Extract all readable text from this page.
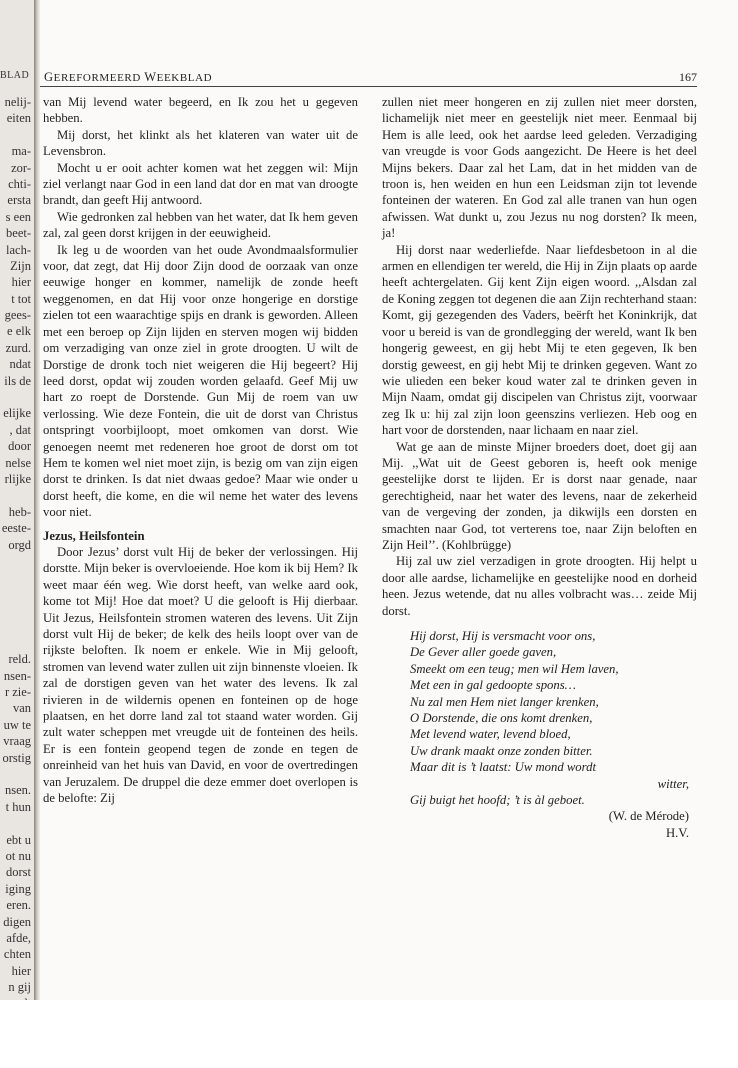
BLAD
nelij-
eiten
ma-
zor-
chti-
ersta
s een
beet-
lach-
Zijn
hier
t tot
gees-
e elk
zurd.
ndat
ils de
elijke
, dat
door
nelse
rlijke
heb-
eeste-
orgd
reld.
nsen-
r zie-
van
uw te
vraag
orstig
nsen.
t hun
ebt u
ot nu
dorst
iging
eren.
digen
afde,
chten
hier
n gij
GEREFORMEERD WEEKBLAD	167

van Mij levend water begeerd, en Ik zou het u gegeven hebben.

Mij dorst, het klinkt als het klateren van water uit de Levensbron.

Mocht u er ooit achter komen wat het zeggen wil: Mijn ziel verlangt naar God in een land dat dor en mat van droogte brandt, dan geeft Hij antwoord.

Wie gedronken zal hebben van het water, dat Ik hem geven zal, zal geen dorst krijgen in der eeuwigheid.

Ik leg u de woorden van het oude Avondmaalsformulier voor, dat zegt, dat Hij door Zijn dood de oorzaak van onze eeuwige honger en kommer, namelijk de zonde heeft weggenomen, en dat Hij voor onze hongerige en dorstige zielen tot een waarachtige spijs en drank is geworden. Alleen met een beroep op Zijn lijden en sterven mogen wij bidden om verzadiging van onze ziel in grote droogten. U wilt de Dorstige de dronk toch niet weigeren die Hij begeert? Hij leed dorst, opdat wij zouden worden gelaafd. Geef Mij uw hart zo roept de Dorstende. Gun Mij de roem van uw verlossing. Wie deze Fontein, die uit de dorst van Christus ontspringt voorbijloopt, moet omkomen van dorst. Wie genoegen neemt met redeneren hoe groot de dorst om tot Hem te komen wel niet moet zijn, is bezig om van zijn eigen dorst te drinken. Is dat niet dwaas gedoe? Maar wie onder u dorst heeft, die kome, en die wil neme het water des levens voor niet.

Jezus, Heilsfontein

Door Jezus’ dorst vult Hij de beker der verlossingen. Hij dorstte. Mijn beker is overvloeiende. Hoe kom ik bij Hem? Ik weet maar één weg. Wie dorst heeft, van welke aard ook, kome tot Mij! Hoe dat moet? U die gelooft is Hij dierbaar. Uit Jezus, Heilsfontein stromen wateren des levens. Uit Zijn dorst vult Hij de beker; de kelk des heils loopt over van de rijkste beloften. Ik noem er enkele. Wie in Mij gelooft, stromen van levend water zullen uit zijn binnenste vloeien. Ik zal de dorstigen geven van het water des levens. Ik zal rivieren in de wildernis openen en fonteinen op de hoge plaatsen, en het dorre land zal tot staand water worden. Gij zult water scheppen met vreugde uit de fonteinen des heils. Er is een fontein geopend tegen de zonde en tegen de onreinheid van het huis van David, en voor de overtredingen van Jeruzalem. De druppel die deze emmer doet overlopen is de belofte: Zij

zullen niet meer hongeren en zij zullen niet meer dorsten, lichamelijk niet meer en geestelijk niet meer. Eenmaal bij Hem is alle leed, ook het aardse leed geleden. Verzadiging van vreugde is voor Gods aangezicht. De Heere is het deel Mijns bekers. Daar zal het Lam, dat in het midden van de troon is, hen weiden en hun een Leidsman zijn tot levende fonteinen der wateren. En God zal alle tranen van hun ogen afwissen. Wat dunkt u, zou Jezus nu nog dorsten? Ik meen, ja!

Hij dorst naar wederliefde. Naar liefdesbetoon in al die armen en ellendigen ter wereld, die Hij in Zijn plaats op aarde heeft achtergelaten. Gij kent Zijn eigen woord. ,,Alsdan zal de Koning zeggen tot degenen die aan Zijn rechterhand staan: Komt, gij gezegenden des Vaders, beërft het Koninkrijk, dat voor u bereid is van de grondlegging der wereld, want Ik ben hongerig geweest, en gij hebt Mij te eten gegeven, Ik ben dorstig geweest, en gij hebt Mij te drinken gegeven. Want zo wie ulieden een beker koud water zal te drinken geven in Mijn Naam, omdat gij discipelen van Christus zijt, voorwaar zeg Ik u: hij zal zijn loon geenszins verliezen. Heb oog en hart voor de dorstenden, naar lichaam en naar ziel.

Wat ge aan de minste Mijner broeders doet, doet gij aan Mij. ,,Wat uit de Geest geboren is, heeft ook menige geestelijke dorst te lijden. Er is dorst naar genade, naar gerechtigheid, naar het water des levens, naar de zekerheid van de vergeving der zonden, ja dikwijls een dorsten en smachten naar God, tot verterens toe, naar Zijn beloften en Zijn Heil’’. (Kohlbrügge)

Hij zal uw ziel verzadigen in grote droogten. Hij helpt u door alle aardse, lichamelijke en geestelijke nood en dorheid heen. Jezus wetende, dat nu alles volbracht was… zeide Mij dorst.

Hij dorst, Hij is versmacht voor ons,
De Gever aller goede gaven,
Smeekt om een teug; men wil Hem laven,
Met een in gal gedoopte spons…
Nu zal men Hem niet langer krenken,
O Dorstende, die ons komt drenken,
Met levend water, levend bloed,
Uw drank maakt onze zonden bitter.
Maar dit is ’t laatst: Uw mond wordt
witter,
Gij buigt het hoofd; ’t is àl geboet.
(W. de Mérode)
H.V.
